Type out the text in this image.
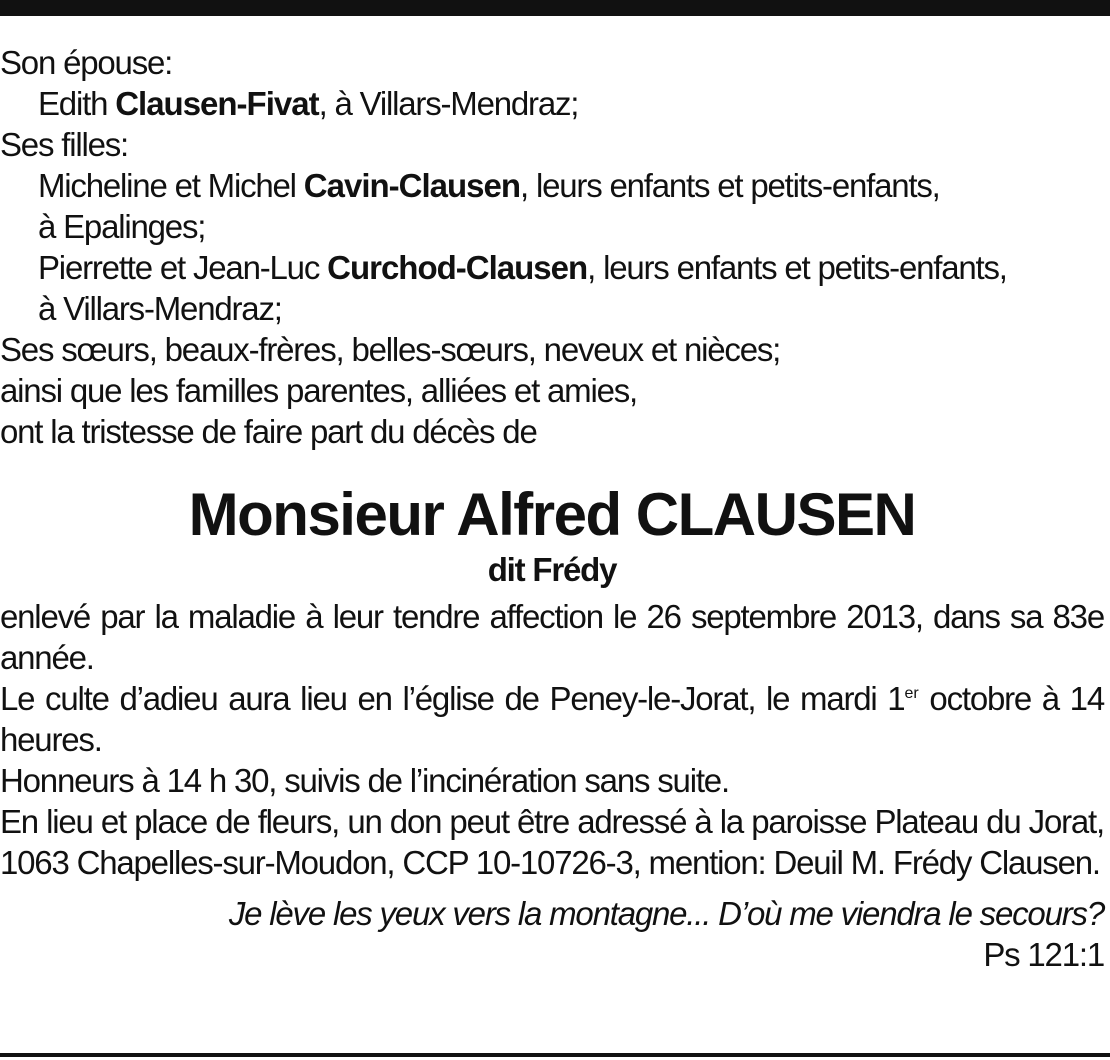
Son épouse:

Edith Clausen-Fivat, à Villars-Mendraz;

Ses filles:

Micheline et Michel Cavin-Clausen, leurs enfants et petits-enfants,

à Epalinges;

Pierrette et Jean-Luc Curchod-Clausen, leurs enfants et petits-enfants,

à Villars-Mendraz;

Ses sœurs, beaux-frères, belles-sœurs, neveux et nièces;

ainsi que les familles parentes, alliées et amies,

ont la tristesse de faire part du décès de

Monsieur Alfred CLAUSEN

dit Frédy

enlevé par la maladie à leur tendre affection le 26 septembre 2013, dans sa 83e année.

Le culte d’adieu aura lieu en l’église de Peney-le-Jorat, le mardi 1er octobre à 14 heures.

Honneurs à 14 h 30, suivis de l’incinération sans suite.

En lieu et place de fleurs, un don peut être adressé à la paroisse Plateau du Jorat, 1063 Chapelles-sur-Moudon, CCP 10-10726-3, mention: Deuil M. Frédy Clausen.

Je lève les yeux vers la montagne... D’où me viendra le secours?

Ps 121:1
